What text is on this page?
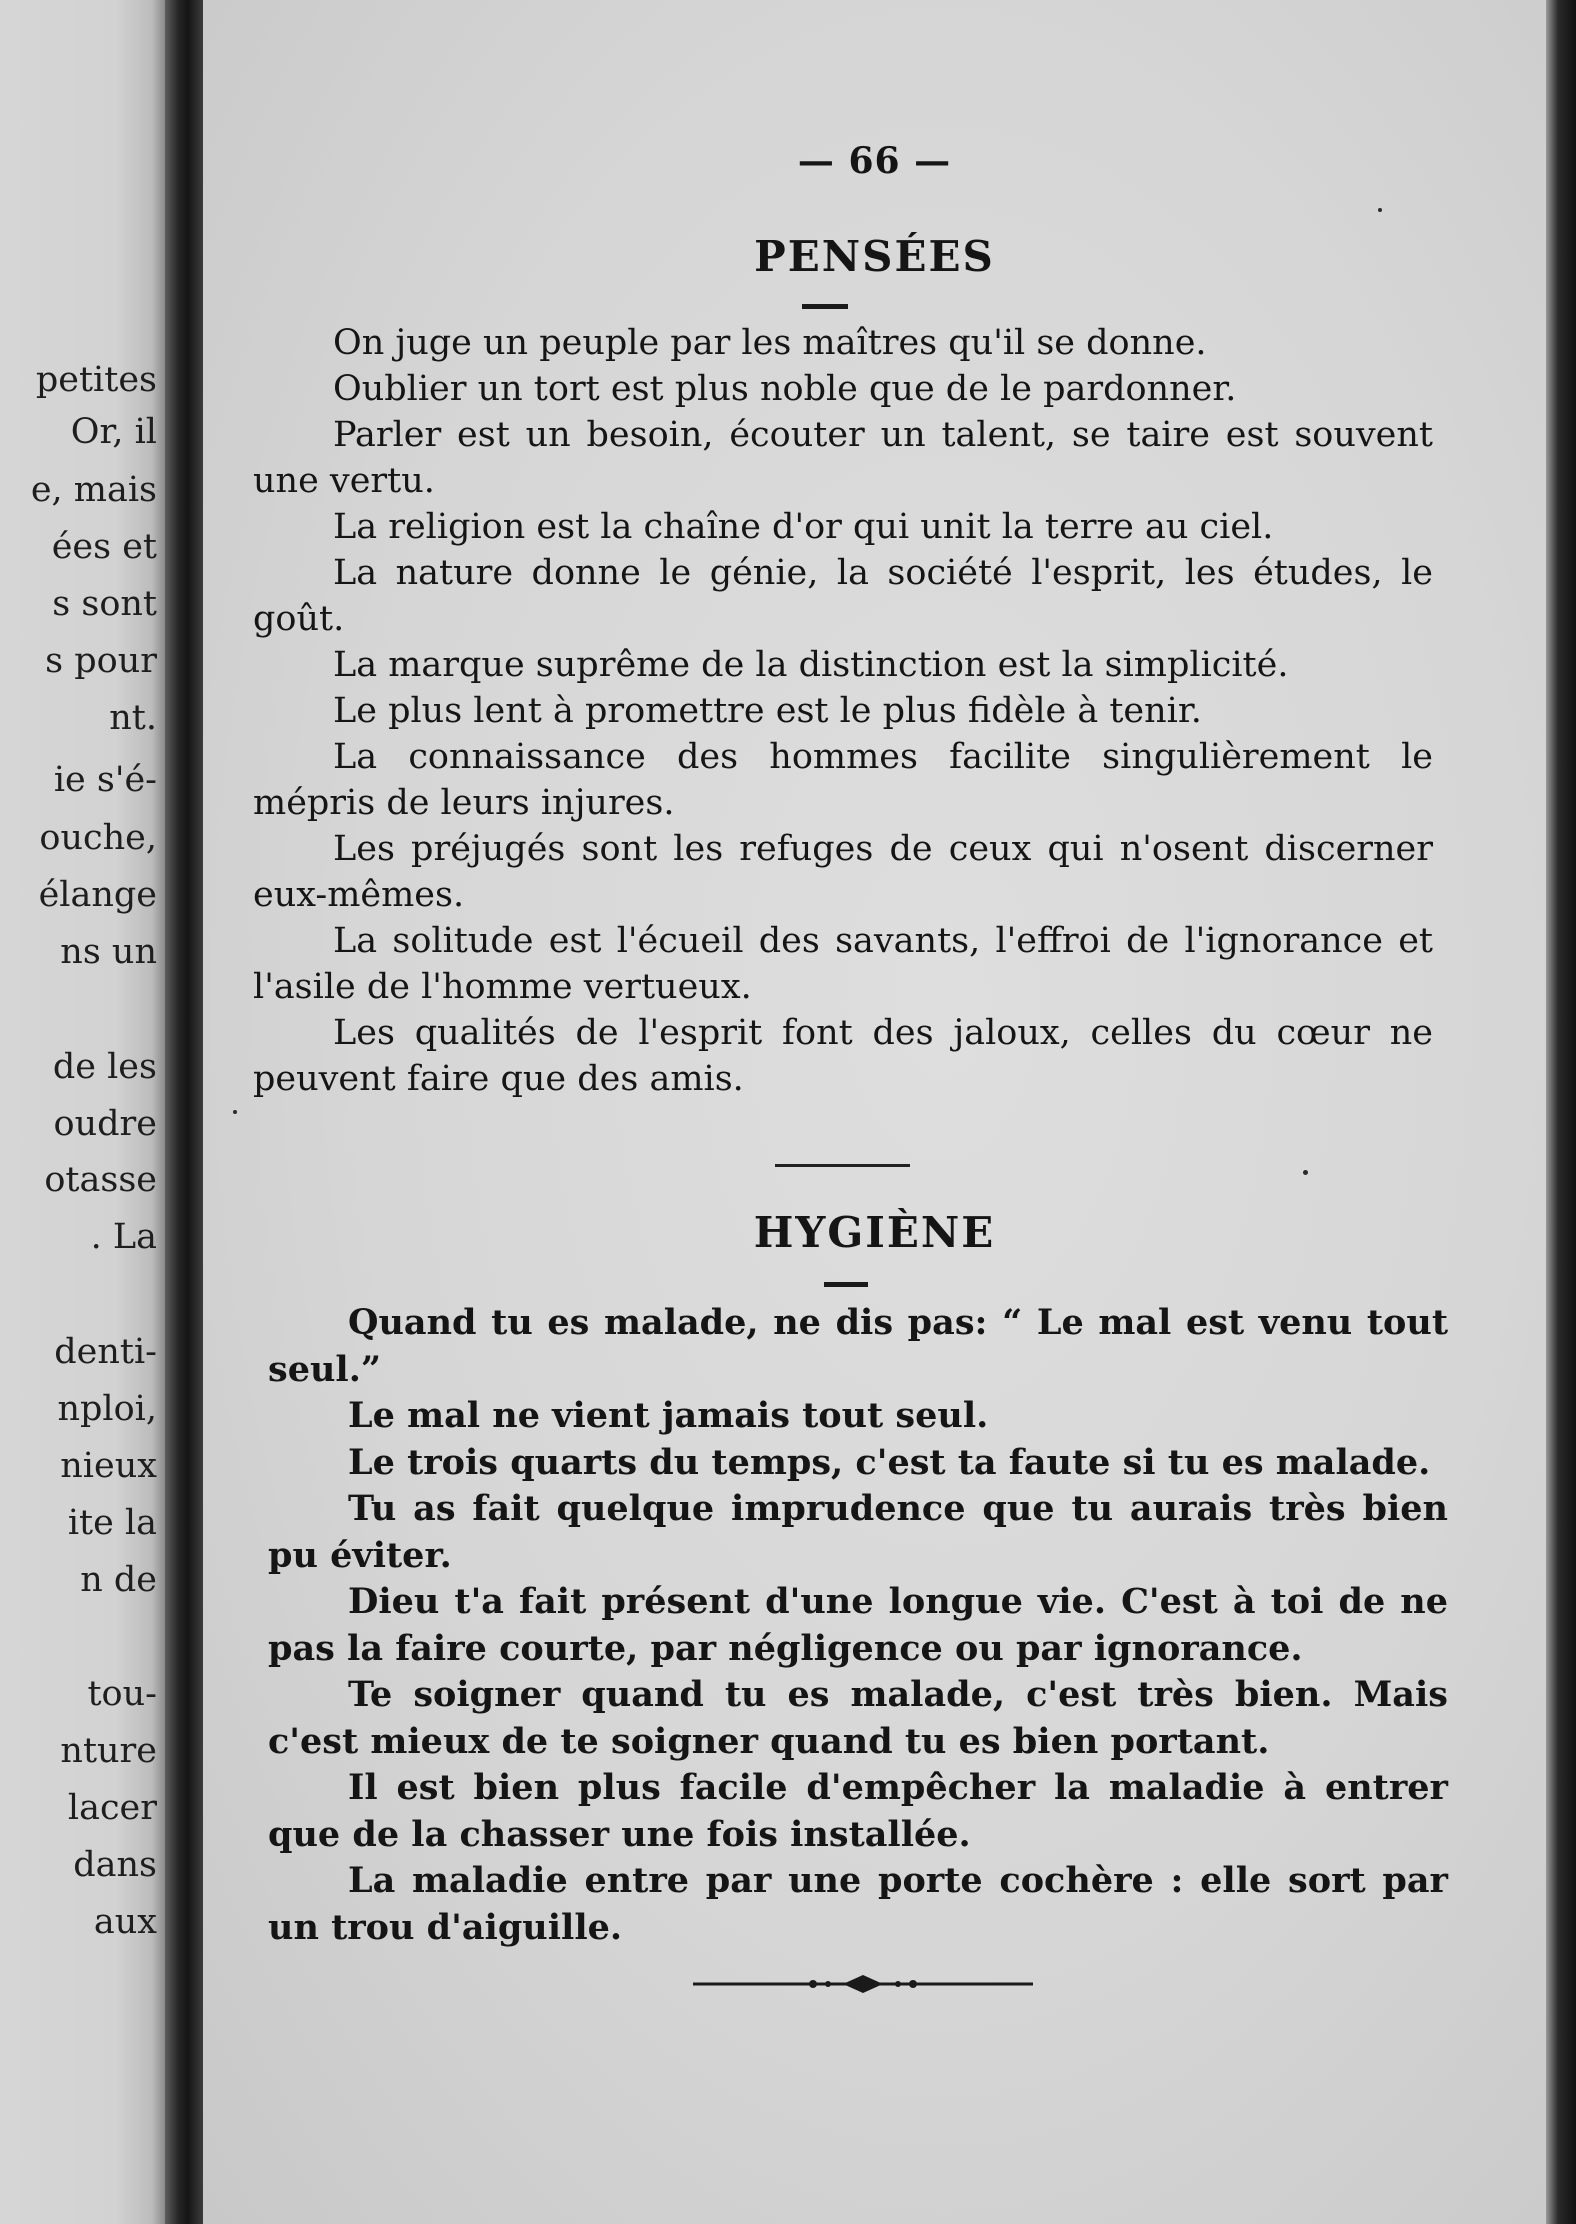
petites
Or, il
e, mais
ées et
s sont
s pour
nt.
ie s'é-
ouche,
élange
ns un
de les
oudre
otasse
. La
denti-
nploi,
nieux
ite la
n de
tou-
nture
lacer
dans
aux
— 66 —
PENSÉES

On juge un peuple par les maîtres qu'il se donne.

Oublier un tort est plus noble que de le pardonner.

Parler est un besoin, écouter un talent, se taire est souvent une vertu.

La religion est la chaîne d'or qui unit la terre au ciel.

La nature donne le génie, la société l'esprit, les études, le goût.

La marque suprême de la distinction est la simplicité.

Le plus lent à promettre est le plus fidèle à tenir.

La connaissance des hommes facilite singulièrement le mépris de leurs injures.

Les préjugés sont les refuges de ceux qui n'osent discerner eux-mêmes.

La solitude est l'écueil des savants, l'effroi de l'ignorance et l'asile de l'homme vertueux.

Les qualités de l'esprit font des jaloux, celles du cœur ne peuvent faire que des amis.

HYGIÈNE

Quand tu es malade, ne dis pas: “ Le mal est venu tout seul.”

Le mal ne vient jamais tout seul.

Le trois quarts du temps, c'est ta faute si tu es malade.

Tu as fait quelque imprudence que tu aurais très bien pu éviter.

Dieu t'a fait présent d'une longue vie. C'est à toi de ne pas la faire courte, par négligence ou par ignorance.

Te soigner quand tu es malade, c'est très bien. Mais c'est mieux de te soigner quand tu es bien portant.

Il est bien plus facile d'empêcher la maladie à entrer que de la chasser une fois installée.

La maladie entre par une porte cochère : elle sort par un trou d'aiguille.
